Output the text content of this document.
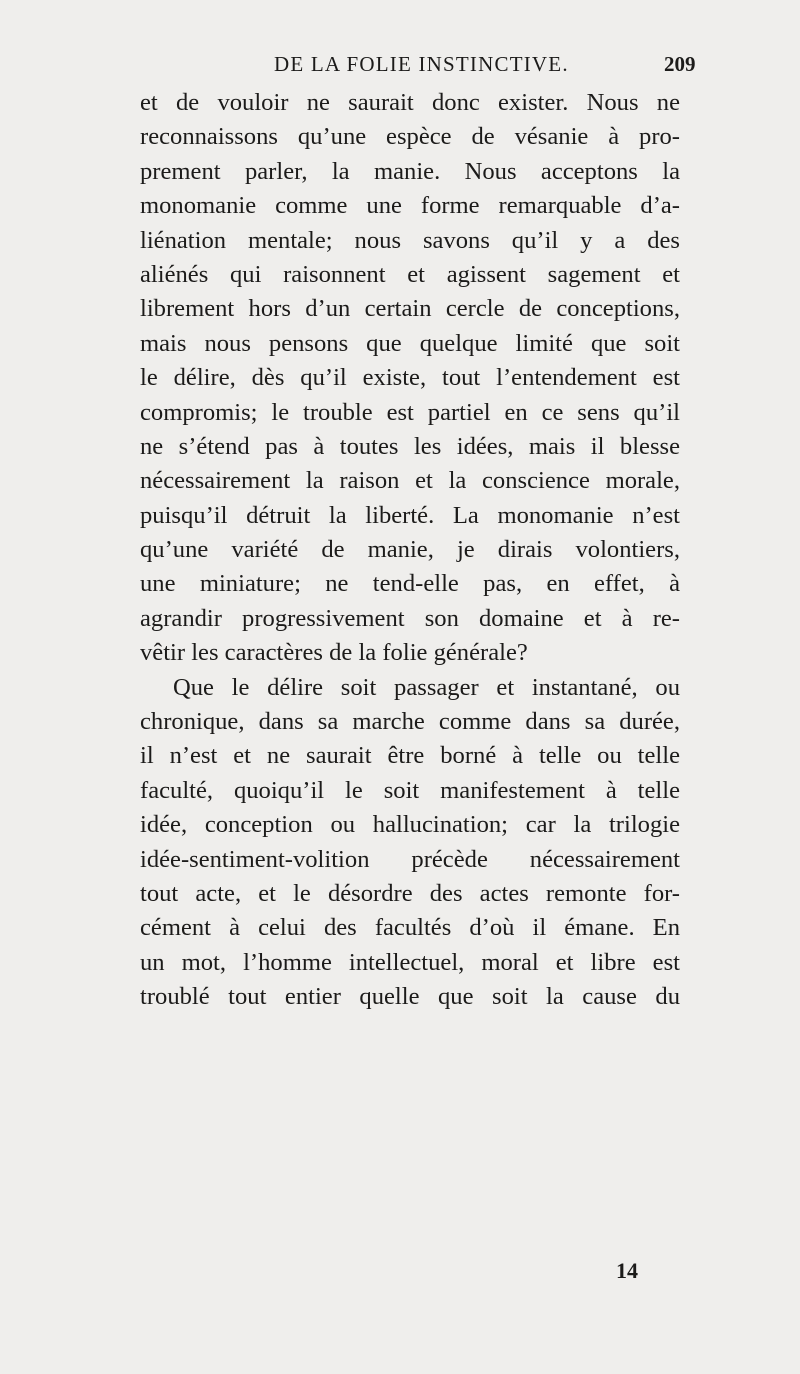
DE LA FOLIE INSTINCTIVE.	209
et de vouloir ne saurait donc exister. Nous ne
reconnaissons qu’une espèce de vésanie à pro-
prement parler, la manie. Nous acceptons la
monomanie comme une forme remarquable d’a-
liénation mentale; nous savons qu’il y a des
aliénés qui raisonnent et agissent sagement et
librement hors d’un certain cercle de conceptions,
mais nous pensons que quelque limité que soit
le délire, dès qu’il existe, tout l’entendement est
compromis; le trouble est partiel en ce sens qu’il
ne s’étend pas à toutes les idées, mais il blesse
nécessairement la raison et la conscience morale,
puisqu’il détruit la liberté. La monomanie n’est
qu’une variété de manie, je dirais volontiers,
une miniature; ne tend-elle pas, en effet, à
agrandir progressivement son domaine et à re-
vêtir les caractères de la folie générale?
Que le délire soit passager et instantané, ou
chronique, dans sa marche comme dans sa durée,
il n’est et ne saurait être borné à telle ou telle
faculté, quoiqu’il le soit manifestement à telle
idée, conception ou hallucination; car la trilogie
idée-sentiment-volition précède nécessairement
tout acte, et le désordre des actes remonte for-
cément à celui des facultés d’où il émane. En
un mot, l’homme intellectuel, moral et libre est
troublé tout entier quelle que soit la cause du
14
